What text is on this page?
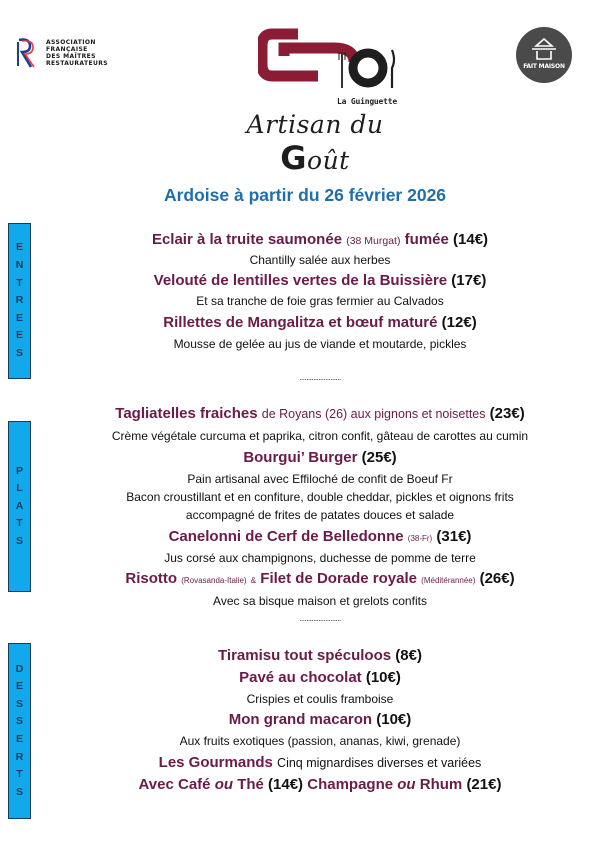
ASSOCIATION
FRANÇAISE
DES MAÎTRES
RESTAURATEURS
La Guinguette
Artisan du Goût
FAIT MAISON
Ardoise à partir du 26 février 2026
E
N
T
R
E
E
S
P
L
A
T
S
D
E
S
S
E
R
T
S
Eclair à la truite saumonée (38 Murgat) fumée (14€)
Chantilly salée aux herbes
Velouté de lentilles vertes de la Buissière (17€)
Et sa tranche de foie gras fermier au Calvados
Rillettes de Mangalitza et bœuf maturé (12€)
Mousse de gelée au jus de viande et moutarde, pickles
........................
Tagliatelles fraiches de Royans (26) aux pignons et noisettes (23€)
Crème végétale curcuma et paprika, citron confit, gâteau de carottes au cumin
Bourgui’ Burger (25€)
Pain artisanal avec Effiloché de confit de Boeuf Fr
Bacon croustillant et en confiture, double cheddar, pickles et oignons frits
accompagné de frites de patates douces et salade
Canelonni de Cerf de Belledonne (38-Fr) (31€)
Jus corsé aux champignons, duchesse de pomme de terre
Risotto (Rovasanda-Italie) & Filet de Dorade royale (Méditérannée) (26€)
Avec sa bisque maison et grelots confits
........................
Tiramisu tout spéculoos (8€)
Pavé au chocolat (10€)
Crispies et coulis framboise
Mon grand macaron (10€)
Aux fruits exotiques (passion, ananas, kiwi, grenade)
Les Gourmands Cinq mignardises diverses et variées
Avec Café ou Thé (14€) Champagne ou Rhum (21€)
